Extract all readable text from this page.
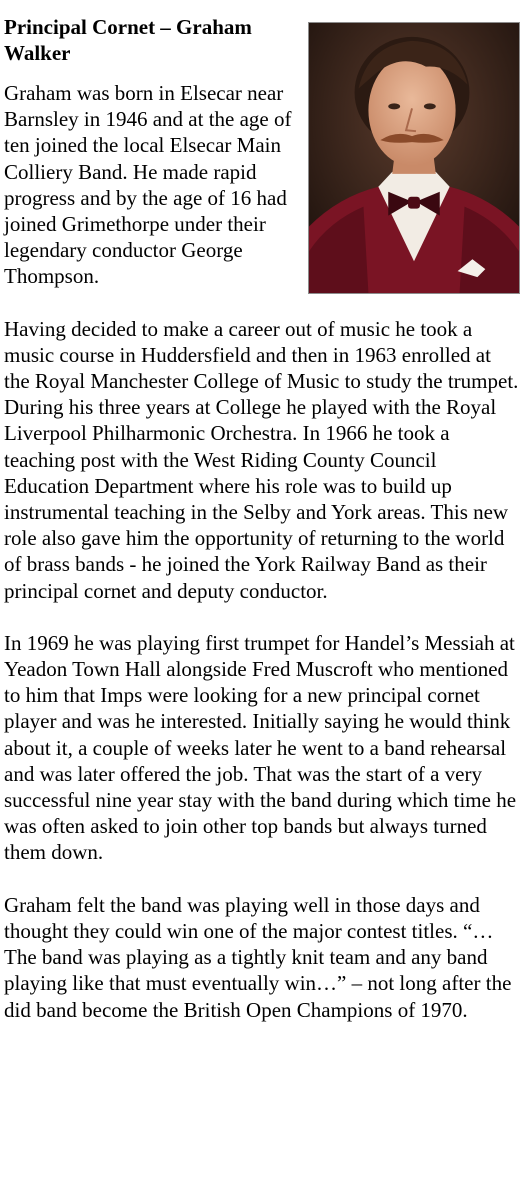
Principal Cornet – Graham Walker

Graham was born in Elsecar near Barnsley in 1946 and at the age of ten joined the local Elsecar Main Colliery Band. He made rapid progress and by the age of 16 had joined Grimethorpe under their legendary conductor George Thompson.

Having decided to make a career out of music he took a music course in Huddersfield and then in 1963 enrolled at the Royal Manchester College of Music to study the trumpet. During his three years at College he played with the Royal Liverpool Philharmonic Orchestra. In 1966 he took a teaching post with the West Riding County Council Education Department where his role was to build up instrumental teaching in the Selby and York areas. This new role also gave him the opportunity of returning to the world of brass bands - he joined the York Railway Band as their principal cornet and deputy conductor.

In 1969 he was playing first trumpet for Handel’s Messiah at Yeadon Town Hall alongside Fred Muscroft who mentioned to him that Imps were looking for a new principal cornet player and was he interested. Initially saying he would think about it, a couple of weeks later he went to a band rehearsal and was later offered the job. That was the start of a very successful nine year stay with the band during which time he was often asked to join other top bands but always turned them down.

Graham felt the band was playing well in those days and thought they could win one of the major contest titles. “…The band was playing as a tightly knit team and any band playing like that must eventually win…” – not long after the did band become the British Open Champions of 1970.
